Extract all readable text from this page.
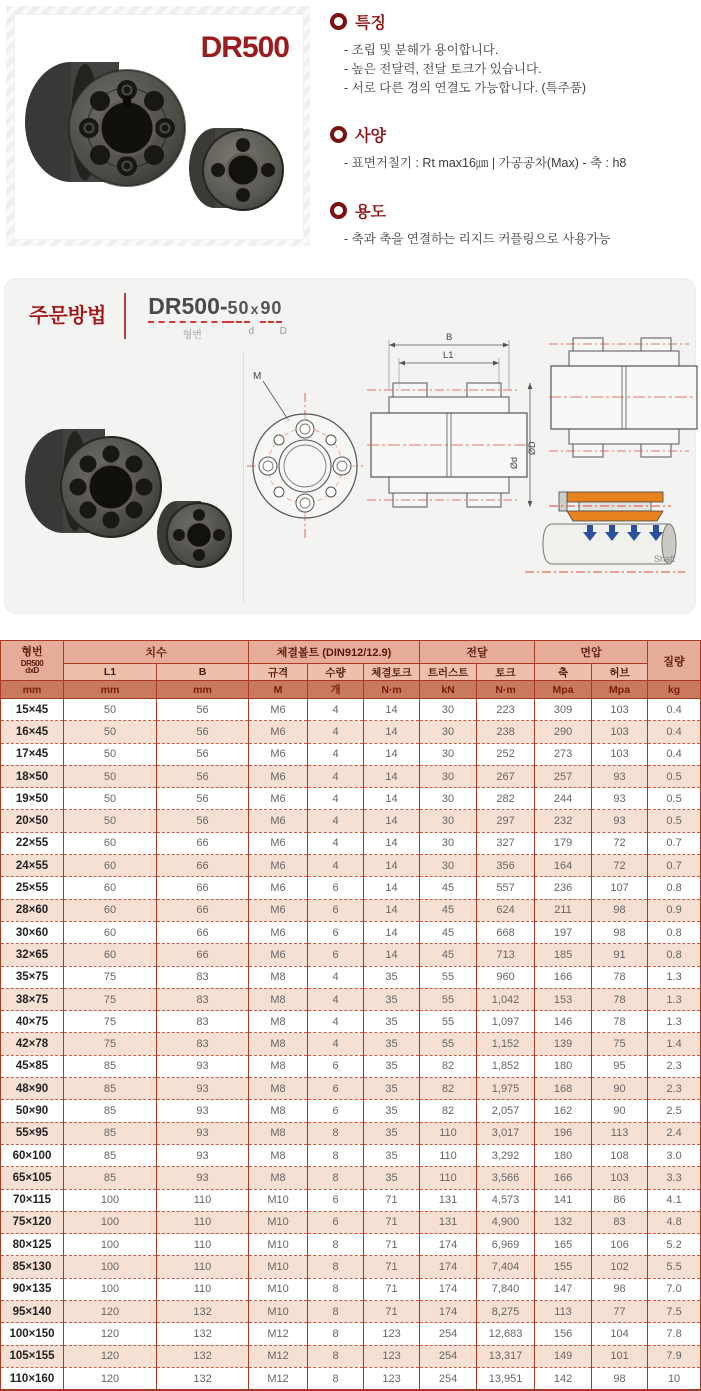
DR500
특징
- 조립 및 분해가 용이합니다.
- 높은 전달력, 전달 토크가 있습니다.
- 서로 다른 경의 연결도 가능합니다. (특주품)
사양
- 표면거칠기 : Rt max16㎛ | 가공공차(Max) - 축 : h8
용도
- 축과 축을 연결하는 리지드 커플링으로 사용가능
주문방법 DR500- 50x90
형번	d	D
M
B
L1
Ød
ØD
Shaft
형번
DR500
dxD	치수		체결볼트 (DIN912/12.9)			전달		면압		질량
	L1	B	규격	수량	체결토크	트러스트	토크	축	허브	
mm	mm	mm	M	개	N·m	kN	N·m	Mpa	Mpa	kg
15×45	50	56	M6	4	14	30	223	309	103	0.4
16×45	50	56	M6	4	14	30	238	290	103	0.4
17×45	50	56	M6	4	14	30	252	273	103	0.4
18×50	50	56	M6	4	14	30	267	257	93	0.5
19×50	50	56	M6	4	14	30	282	244	93	0.5
20×50	50	56	M6	4	14	30	297	232	93	0.5
22×55	60	66	M6	4	14	30	327	179	72	0.7
24×55	60	66	M6	4	14	30	356	164	72	0.7
25×55	60	66	M6	6	14	45	557	236	107	0.8
28×60	60	66	M6	6	14	45	624	211	98	0.9
30×60	60	66	M6	6	14	45	668	197	98	0.8
32×65	60	66	M6	6	14	45	713	185	91	0.8
35×75	75	83	M8	4	35	55	960	166	78	1.3
38×75	75	83	M8	4	35	55	1,042	153	78	1.3
40×75	75	83	M8	4	35	55	1,097	146	78	1.3
42×78	75	83	M8	4	35	55	1,152	139	75	1.4
45×85	85	93	M8	6	35	82	1,852	180	95	2.3
48×90	85	93	M8	6	35	82	1,975	168	90	2.3
50×90	85	93	M8	6	35	82	2,057	162	90	2.5
55×95	85	93	M8	8	35	110	3,017	196	113	2.4
60×100	85	93	M8	8	35	110	3,292	180	108	3.0
65×105	85	93	M8	8	35	110	3,566	166	103	3.3
70×115	100	110	M10	6	71	131	4,573	141	86	4.1
75×120	100	110	M10	6	71	131	4,900	132	83	4.8
80×125	100	110	M10	8	71	174	6,969	165	106	5.2
85×130	100	110	M10	8	71	174	7,404	155	102	5.5
90×135	100	110	M10	8	71	174	7,840	147	98	7.0
95×140	120	132	M10	8	71	174	8,275	113	77	7.5
100×150	120	132	M12	8	123	254	12,683	156	104	7.8
105×155	120	132	M12	8	123	254	13,317	149	101	7.9
110×160	120	132	M12	8	123	254	13,951	142	98	10
